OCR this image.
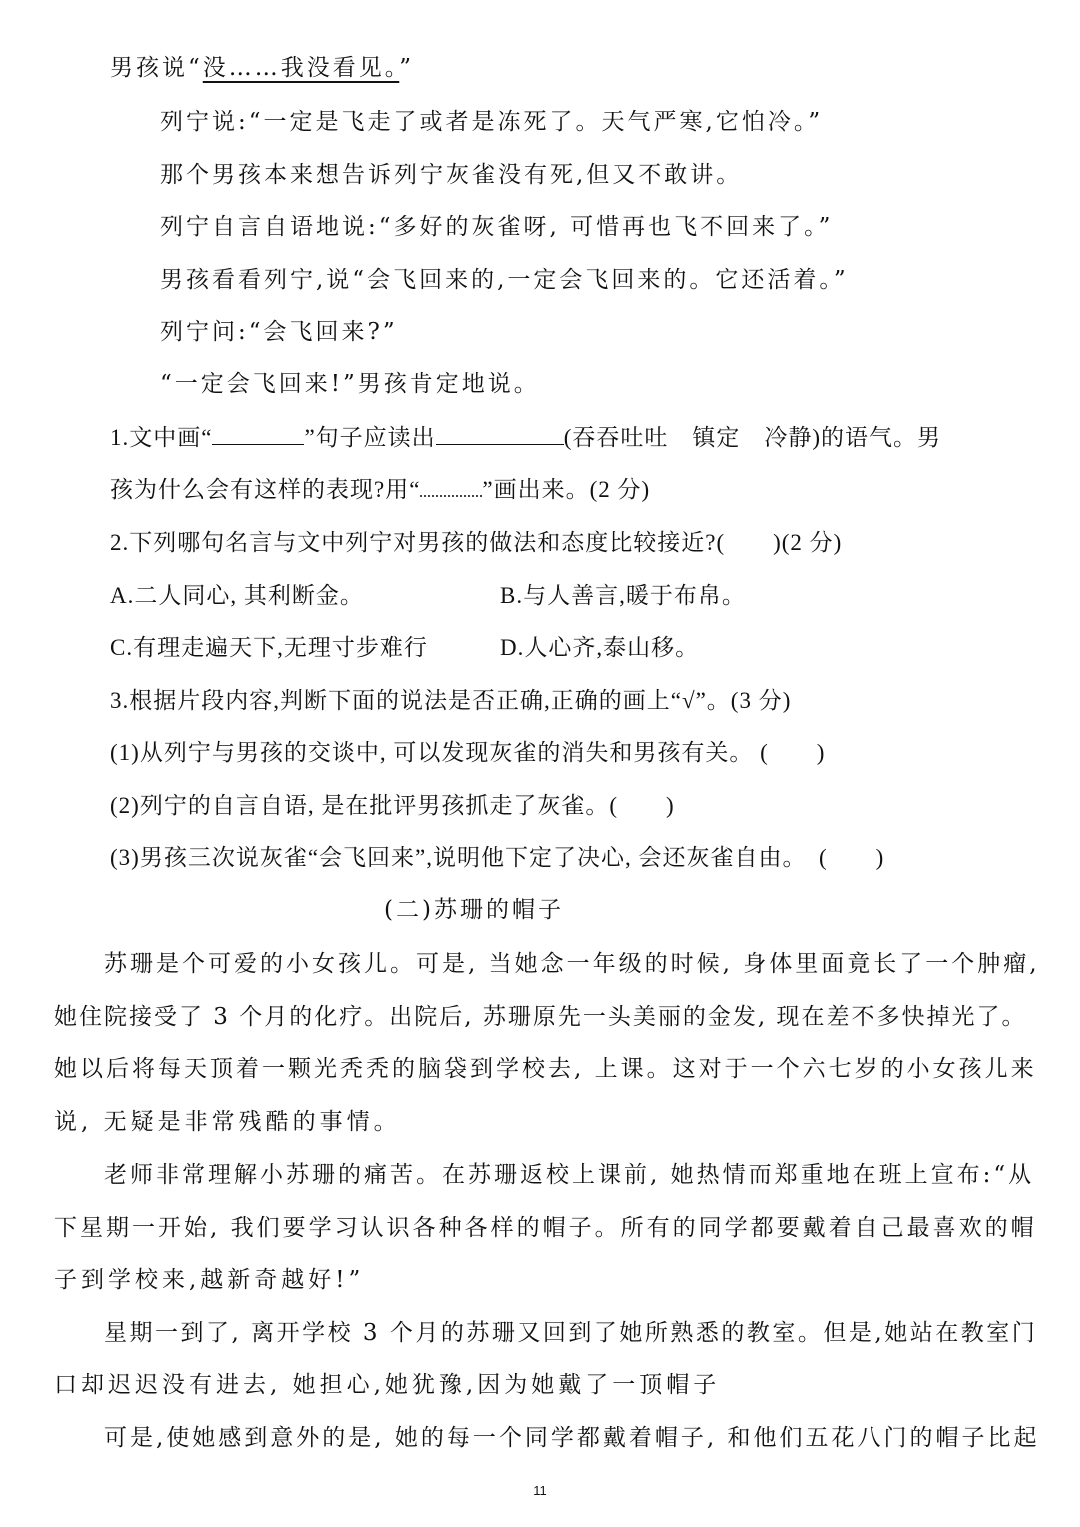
男孩说“没……我没看见。”
列宁说:“一定是飞走了或者是冻死了。天气严寒,它怕冷。”
那个男孩本来想告诉列宁灰雀没有死,但又不敢讲。
列宁自言自语地说:“多好的灰雀呀, 可惜再也飞不回来了。”
男孩看看列宁,说“会飞回来的,一定会飞回来的。它还活着。”
列宁问:“会飞回来?”
“一定会飞回来!”男孩肯定地说。
1.文中画“	”句子应读出	(吞吞吐吐　镇定　冷静)的语气。男
孩为什么会有这样的表现?用“	”画出来。(2 分)
2.下列哪句名言与文中列宁对男孩的做法和态度比较接近?(　　)(2 分)
A.二人同心, 其利断金。	B.与人善言,暖于布帛。
C.有理走遍天下,无理寸步难行	D.人心齐,泰山移。
3.根据片段内容,判断下面的说法是否正确,正确的画上“√”。(3 分)
(1)从列宁与男孩的交谈中, 可以发现灰雀的消失和男孩有关。 (　　)
(2)列宁的自言自语, 是在批评男孩抓走了灰雀。(　　)
(3)男孩三次说灰雀“会飞回来”,说明他下定了决心, 会还灰雀自由。　(　　)
(二)苏珊的帽子
苏珊是个可爱的小女孩儿。可是, 当她念一年级的时候, 身体里面竟长了一个肿瘤,
她住院接受了 3 个月的化疗。出院后, 苏珊原先一头美丽的金发, 现在差不多快掉光了。
她以后将每天顶着一颗光秃秃的脑袋到学校去, 上课。这对于一个六七岁的小女孩儿来
说, 无疑是非常残酷的事情。
老师非常理解小苏珊的痛苦。在苏珊返校上课前, 她热情而郑重地在班上宣布:“从
下星期一开始, 我们要学习认识各种各样的帽子。所有的同学都要戴着自己最喜欢的帽
子到学校来,越新奇越好!”
星期一到了, 离开学校 3 个月的苏珊又回到了她所熟悉的教室。但是,她站在教室门
口却迟迟没有进去, 她担心,她犹豫,因为她戴了一顶帽子
可是,使她感到意外的是, 她的每一个同学都戴着帽子, 和他们五花八门的帽子比起
11
